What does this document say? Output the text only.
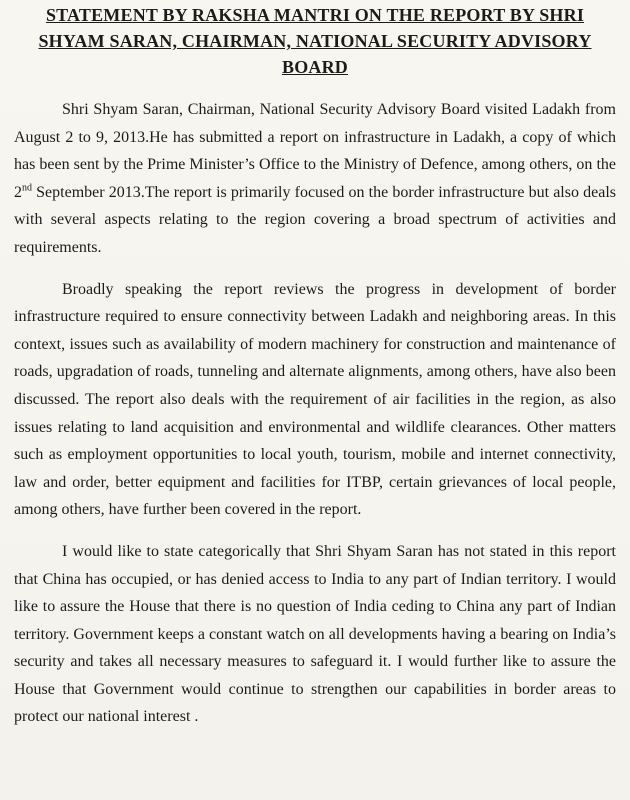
STATEMENT BY RAKSHA MANTRI ON THE REPORT BY SHRI
SHYAM SARAN, CHAIRMAN, NATIONAL SECURITY ADVISORY BOARD

Shri Shyam Saran, Chairman, National Security Advisory Board visited Ladakh from August 2 to 9, 2013.He has submitted a report on infrastructure in Ladakh, a copy of which has been sent by the Prime Minister’s Office to the Ministry of Defence, among others, on the 2nd September 2013.The report is primarily focused on the border infrastructure but also deals with several aspects relating to the region covering a broad spectrum of activities and requirements.

Broadly speaking the report reviews the progress in development of border infrastructure required to ensure connectivity between Ladakh and neighboring areas. In this context, issues such as availability of modern machinery for construction and maintenance of roads, upgradation of roads, tunneling and alternate alignments, among others, have also been discussed. The report also deals with the requirement of air facilities in the region, as also issues relating to land acquisition and environmental and wildlife clearances. Other matters such as employment opportunities to local youth, tourism, mobile and internet connectivity, law and order, better equipment and facilities for ITBP, certain grievances of local people, among others, have further been covered in the report.

I would like to state categorically that Shri Shyam Saran has not stated in this report that China has occupied, or has denied access to India to any part of Indian territory. I would like to assure the House that there is no question of India ceding to China any part of Indian territory. Government keeps a constant watch on all developments having a bearing on India’s security and takes all necessary measures to safeguard it. I would further like to assure the House that Government would continue to strengthen our capabilities in border areas to protect our national interest .
